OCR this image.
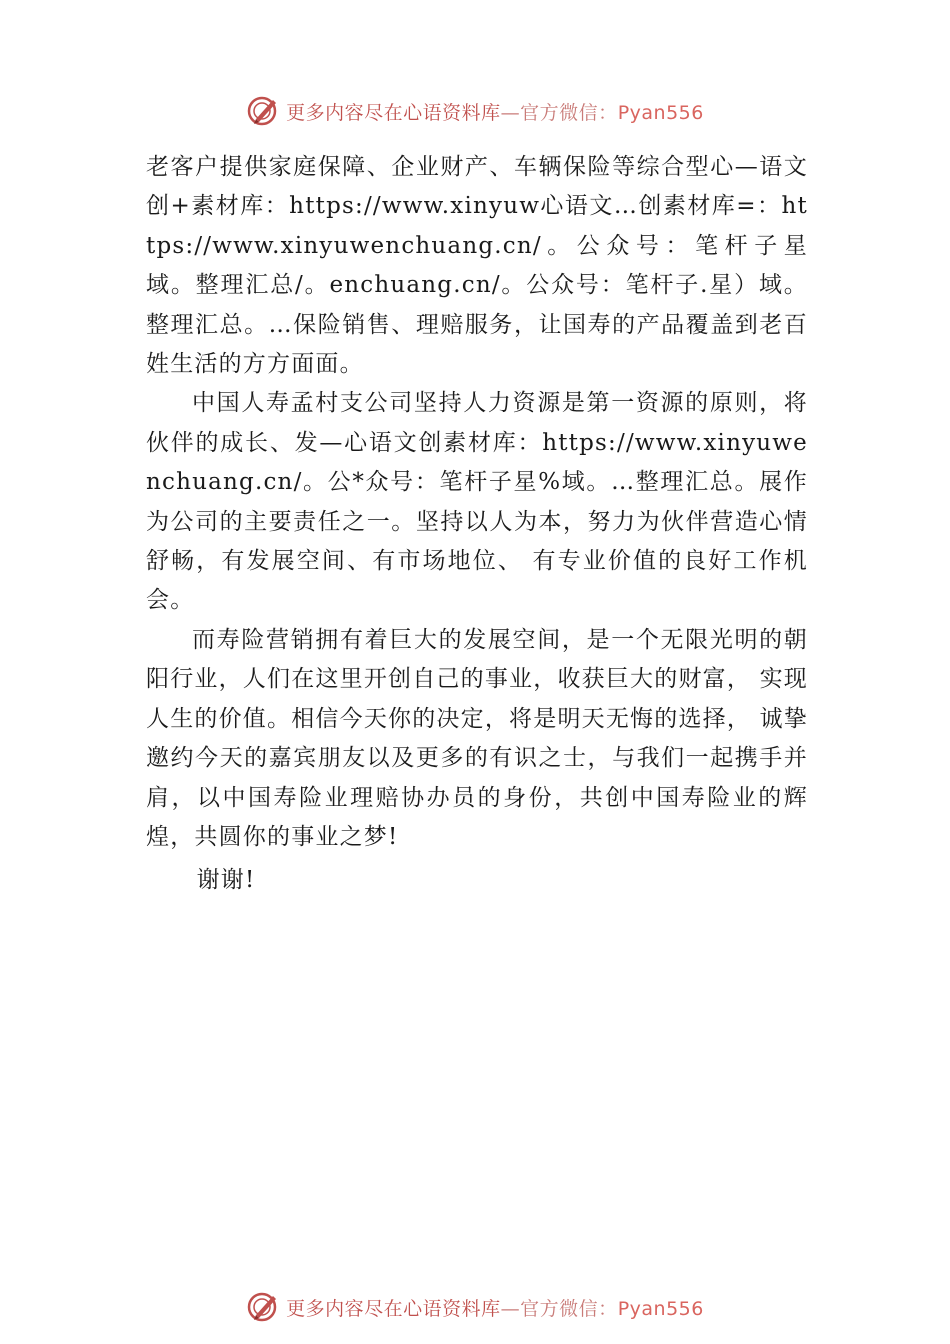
更多内容尽在心语资料库—官方微信：Pyan556

老客户提供家庭保障、企业财产、车辆保险等综合型心—语文创+素材库：https://www.xinyuw心语文…创素材库=：https://www.xinyuwenchuang.cn/。公众号：笔杆子星域。整理汇总/。enchuang.cn/。公众号：笔杆子.星）域。整理汇总。…保险销售、理赔服务，让国寿的产品覆盖到老百姓生活的方方面面。

中国人寿孟村支公司坚持人力资源是第一资源的原则，将伙伴的成长、发—心语文创素材库：https://www.xinyuwenchuang.cn/。公*众号：笔杆子星%域。…整理汇总。展作为公司的主要责任之一。坚持以人为本，努力为伙伴营造心情舒畅，有发展空间、有市场地位、 有专业价值的良好工作机会。

而寿险营销拥有着巨大的发展空间，是一个无限光明的朝阳行业，人们在这里开创自己的事业，收获巨大的财富， 实现人生的价值。相信今天你的决定，将是明天无悔的选择， 诚挚邀约今天的嘉宾朋友以及更多的有识之士，与我们一起携手并肩，以中国寿险业理赔协办员的身份，共创中国寿险业的辉煌，共圆你的事业之梦!

谢谢!

更多内容尽在心语资料库—官方微信：Pyan556
